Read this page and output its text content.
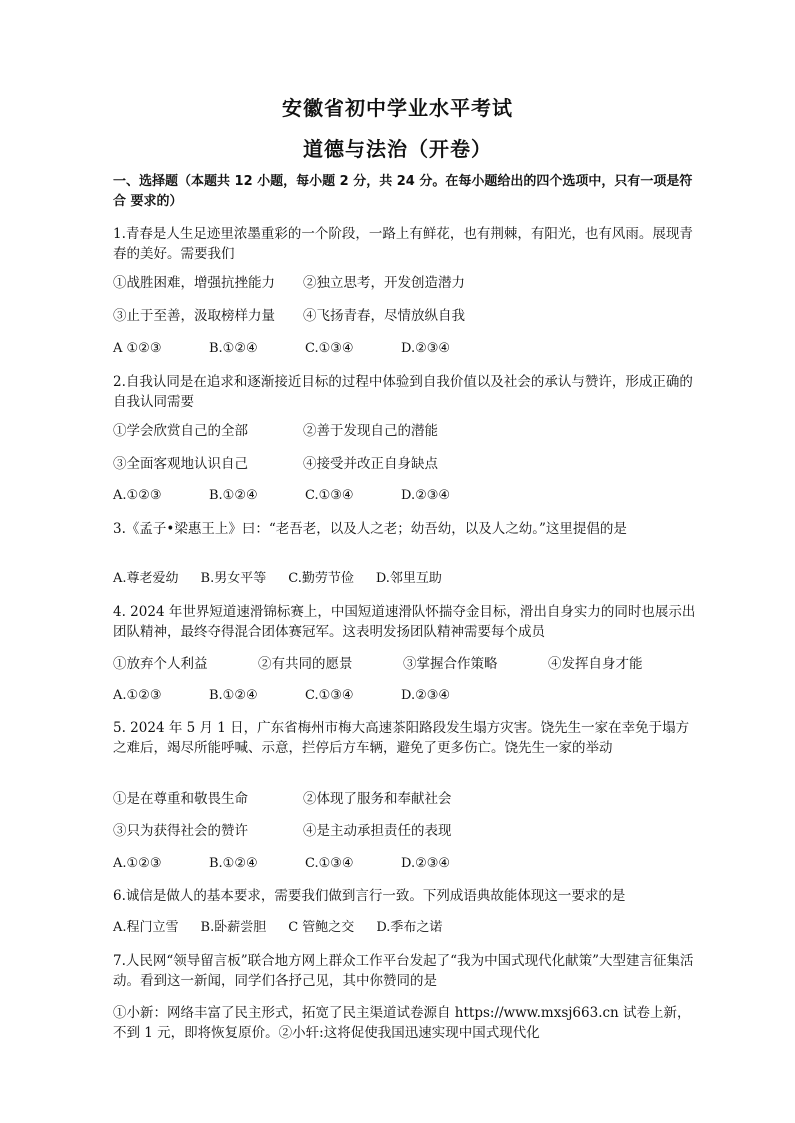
安徽省初中学业水平考试
道德与法治（开卷）
一、选择题（本题共 12 小题，每小题 2 分，共 24 分。在每小题给出的四个选项中，只有一项是符合 要求的）
1.青春是人生足迹里浓墨重彩的一个阶段，一路上有鲜花，也有荆棘，有阳光，也有风雨。展现青春的美好。需要我们
①战胜困难，增强抗挫能力	②独立思考，开发创造潜力
③止于至善，汲取榜样力量	④飞扬青春，尽情放纵自我
A ①②③	B.①②④	C.①③④	D.②③④
2.自我认同是在追求和逐渐接近目标的过程中体验到自我价值以及社会的承认与赞许，形成正确的自我认同需要
①学会欣赏自己的全部	②善于发现自己的潜能
③全面客观地认识自己	④接受并改正自身缺点
A.①②③	B.①②④	C.①③④	D.②③④
3.《孟子•梁惠王上》曰：“老吾老，以及人之老；幼吾幼，以及人之幼。”这里提倡的是
A.尊老爱幼 B.男女平等 C.勤劳节俭 D.邻里互助
4. 2024 年世界短道速滑锦标赛上，中国短道速滑队怀揣夺金目标，滑出自身实力的同时也展示出团队精神，最终夺得混合团体赛冠军。这表明发扬团队精神需要每个成员
①放弃个人利益	②有共同的愿景	③掌握合作策略	④发挥自身才能
A.①②③	B.①②④	C.①③④	D.②③④
5. 2024 年 5 月 1 日，广东省梅州市梅大高速茶阳路段发生塌方灾害。饶先生一家在幸免于塌方之难后，竭尽所能呼喊、示意，拦停后方车辆，避免了更多伤亡。饶先生一家的举动
①是在尊重和敬畏生命	②体现了服务和奉献社会
③只为获得社会的赞许	④是主动承担责任的表现
A.①②③	B.①②④	C.①③④	D.②③④
6.诚信是做人的基本要求，需要我们做到言行一致。下列成语典故能体现这一要求的是
A.程门立雪 B.卧薪尝胆 C 管鲍之交 D.季布之诺
7.人民网“领导留言板”联合地方网上群众工作平台发起了“我为中国式现代化献策”大型建言征集活动。看到这一新闻，同学们各抒己见，其中你赞同的是
①小新：网络丰富了民主形式，拓宽了民主渠道试卷源自 https://www.mxsj663.cn 试卷上新，不到 1 元，即将恢复原价。②小轩:这将促使我国迅速实现中国式现代化
